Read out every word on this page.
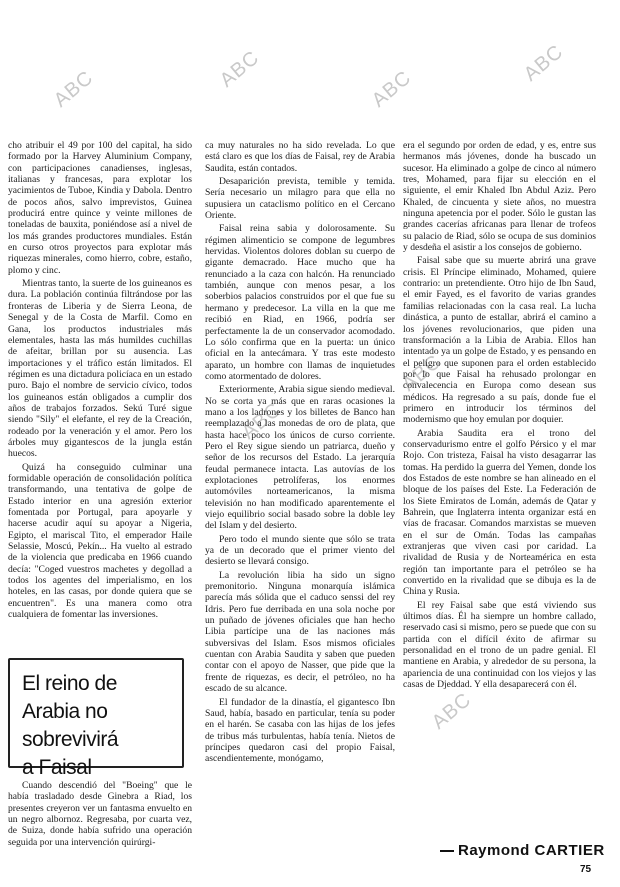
ABC	ABC	ABC
ABC
ABC
ABC
ABC

cho atribuir el 49 por 100 del capital, ha sido formado por la Harvey Aluminium Company, con participaciones canadienses, inglesas, italianas y francesas, para explotar los yacimientos de Tuboe, Kindia y Dabola. Dentro de pocos años, salvo imprevistos, Guinea producirá entre quince y veinte millones de toneladas de bauxita, poniéndose así a nivel de los más grandes productores mundiales. Están en curso otros proyectos para explotar más riquezas minerales, como hierro, cobre, estaño, plomo y cinc.

Mientras tanto, la suerte de los guineanos es dura. La población continúa filtrándose por las fronteras de Liberia y de Sierra Leona, de Senegal y de la Costa de Marfil. Como en Gana, los productos industriales más elementales, hasta las más humildes cuchillas de afeitar, brillan por su ausencia. Las importaciones y el tráfico están limitados. El régimen es una dictadura policíaca en un estado puro. Bajo el nombre de servicio cívico, todos los guineanos están obligados a cumplir dos años de trabajos forzados. Sekú Turé sigue siendo "Sily" el elefante, el rey de la Creación, rodeado por la veneración y el amor. Pero los árboles muy gigantescos de la jungla están huecos.

Quizá ha conseguido culminar una formidable operación de consolidación política transformando, una tentativa de golpe de Estado interior en una agresión exterior fomentada por Portugal, para apoyarle y hacerse acudir aquí su apoyar a Nigeria, Egipto, el mariscal Tito, el emperador Haile Selassie, Moscú, Pekín... Ha vuelto al estrado de la violencia que predicaba en 1966 cuando decía: "Coged vuestros machetes y degollad a todos los agentes del imperialismo, en los hoteles, en las casas, por donde quiera que se encuentren". Es una manera como otra cualquiera de fomentar las inversiones.

El reino de
Arabia no sobrevivirá
a Faisal

Cuando descendió del "Boeing" que le había trasladado desde Ginebra a Riad, los presentes creyeron ver un fantasma envuelto en un negro albornoz. Regresaba, por cuarta vez, de Suiza, donde había sufrido una operación seguida por una intervención quirúrgi-

ca muy naturales no ha sido revelada. Lo que está claro es que los días de Faisal, rey de Arabia Saudita, están contados.

Desaparición prevista, temible y temida. Sería necesario un milagro para que ella no supusiera un cataclismo político en el Cercano Oriente.

Faisal reina sabia y dolorosamente. Su régimen alimenticio se compone de legumbres hervidas. Violentos dolores doblan su cuerpo de gigante demacrado. Hace mucho que ha renunciado a la caza con halcón. Ha renunciado también, aunque con menos pesar, a los soberbios palacios construidos por el que fue su hermano y predecesor. La villa en la que me recibió en Riad, en 1966, podría ser perfectamente la de un conservador acomodado. Lo sólo confirma que en la puerta: un único oficial en la antecámara. Y tras este modesto aparato, un hombre con llamas de inquietudes como atormentado de dolores.

Exteriormente, Arabia sigue siendo medieval. No se corta ya más que en raras ocasiones la mano a los ladrones y los billetes de Banco han reemplazado a las monedas de oro de plata, que hasta hace poco los únicos de curso corriente. Pero el Rey sigue siendo un patriarca, dueño y señor de los recursos del Estado. La jerarquía feudal permanece intacta. Las autovías de los explotaciones petrolíferas, los enormes automóviles norteamericanos, la misma televisión no han modificado aparentemente el viejo equilibrio social basado sobre la doble ley del Islam y del desierto.

Pero todo el mundo siente que sólo se trata ya de un decorado que el primer viento del desierto se llevará consigo.

La revolución libia ha sido un signo premonitorio. Ninguna monarquía islámica parecía más sólida que el caduco senssi del rey Idris. Pero fue derribada en una sola noche por un puñado de jóvenes oficiales que han hecho Libia partícipe una de las naciones más subversivas del Islam. Esos mismos oficiales cuentan con Arabia Saudita y saben que pueden contar con el apoyo de Nasser, que pide que la frente de riquezas, es decir, el petróleo, no ha escado de su alcance.

El fundador de la dinastía, el gigantesco Ibn Saud, había, basado en particular, tenía su poder en el harén. Se casaba con las hijas de los jefes de tribus más turbulentas, había tenía. Nietos de príncipes quedaron casi del propio Faisal, ascendientemente, monógamo,

era el segundo por orden de edad, y es, entre sus hermanos más jóvenes, donde ha buscado un sucesor. Ha eliminado a golpe de cinco al número tres, Mohamed, para fijar su elección en el siguiente, el emir Khaled Ibn Abdul Aziz. Pero Khaled, de cincuenta y siete años, no muestra ninguna apetencia por el poder. Sólo le gustan las grandes cacerías africanas para llenar de trofeos su palacio de Riad, sólo se ocupa de sus dominios y desdeña el asistir a los consejos de gobierno.

Faisal sabe que su muerte abrirá una grave crisis. El Príncipe eliminado, Mohamed, quiere contrario: un pretendiente. Otro hijo de Ibn Saud, el emir Fayed, es el favorito de varias grandes familias relacionadas con la casa real. La lucha dinástica, a punto de estallar, abrirá el camino a los jóvenes revolucionarios, que piden una transformación a la Libia de Arabia. Ellos han intentado ya un golpe de Estado, y es pensando en el peligro que suponen para el orden establecido por lo que Faisal ha rehusado prolongar en convalecencia en Europa como desean sus médicos. Ha regresado a su país, donde fue el primero en introducir los términos del modernismo que hoy emulan por doquier.

Arabia Saudita era el trono del conservadurismo entre el golfo Pérsico y el mar Rojo. Con tristeza, Faisal ha visto desagarrar las tomas. Ha perdido la guerra del Yemen, donde los dos Estados de este nombre se han alineado en el bloque de los países del Este. La Federación de los Siete Emiratos de Lomán, además de Qatar y Bahrein, que Inglaterra intenta organizar está en vías de fracasar. Comandos marxistas se mueven en el sur de Omán. Todas las campañas extranjeras que viven casi por caridad. La rivalidad de Rusia y de Norteamérica en esta región tan importante para el petróleo se ha convertido en la rivalidad que se dibuja es la de China y Rusia.

El rey Faisal sabe que está viviendo sus últimos días. Él ha siempre un hombre callado, reservado casi si mismo, pero se puede que con su partida con el difícil éxito de afirmar su personalidad en el trono de un padre genial. El mantiene en Arabia, y alrededor de su persona, la apariencia de una continuidad con los viejos y las casas de Djeddad. Y ella desaparecerá con él.

Raymond CARTIER
75
